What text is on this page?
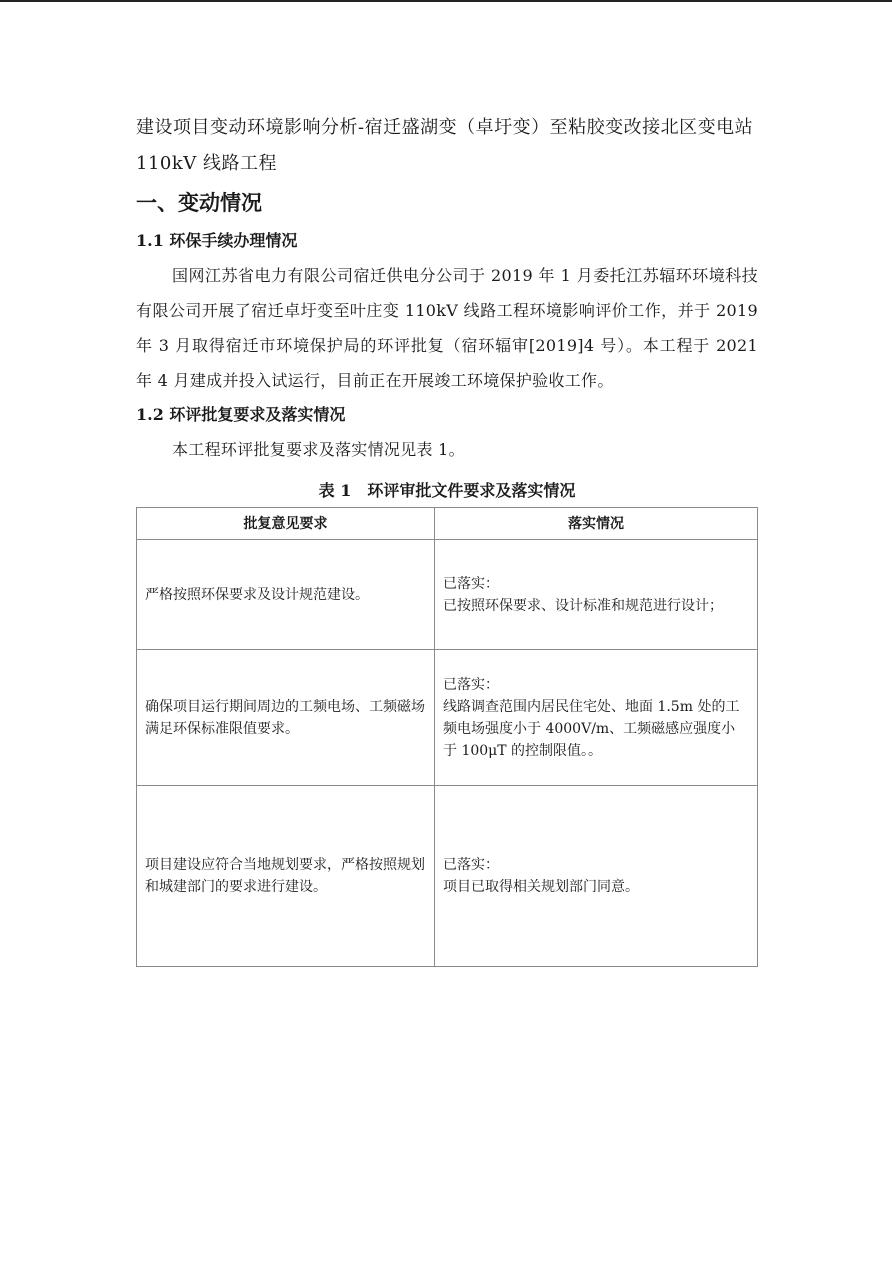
建设项目变动环境影响分析-宿迁盛湖变（卓圩变）至粘胶变改接北区变电站110kV 线路工程

一、变动情况
1.1 环保手续办理情况

国网江苏省电力有限公司宿迁供电分公司于 2019 年 1 月委托江苏辐环环境科技有限公司开展了宿迁卓圩变至叶庄变 110kV 线路工程环境影响评价工作，并于 2019 年 3 月取得宿迁市环境保护局的环评批复（宿环辐审[2019]4 号）。本工程于 2021 年 4 月建成并投入试运行，目前正在开展竣工环境保护验收工作。

1.2 环评批复要求及落实情况

本工程环评批复要求及落实情况见表 1。

表 1　环评审批文件要求及落实情况
批复意见要求	落实情况
严格按照环保要求及设计规范建设。	已落实：
已按照环保要求、设计标准和规范进行设计；

确保项目运行期间周边的工频电场、工频磁场满足环保标准限值要求。	已落实：
线路调查范围内居民住宅处、地面 1.5m 处的工频电场强度小于 4000V/m、工频磁感应强度小于 100μT 的控制限值。。

项目建设应符合当地规划要求，严格按照规划和城建部门的要求进行建设。	已落实：
项目已取得相关规划部门同意。
